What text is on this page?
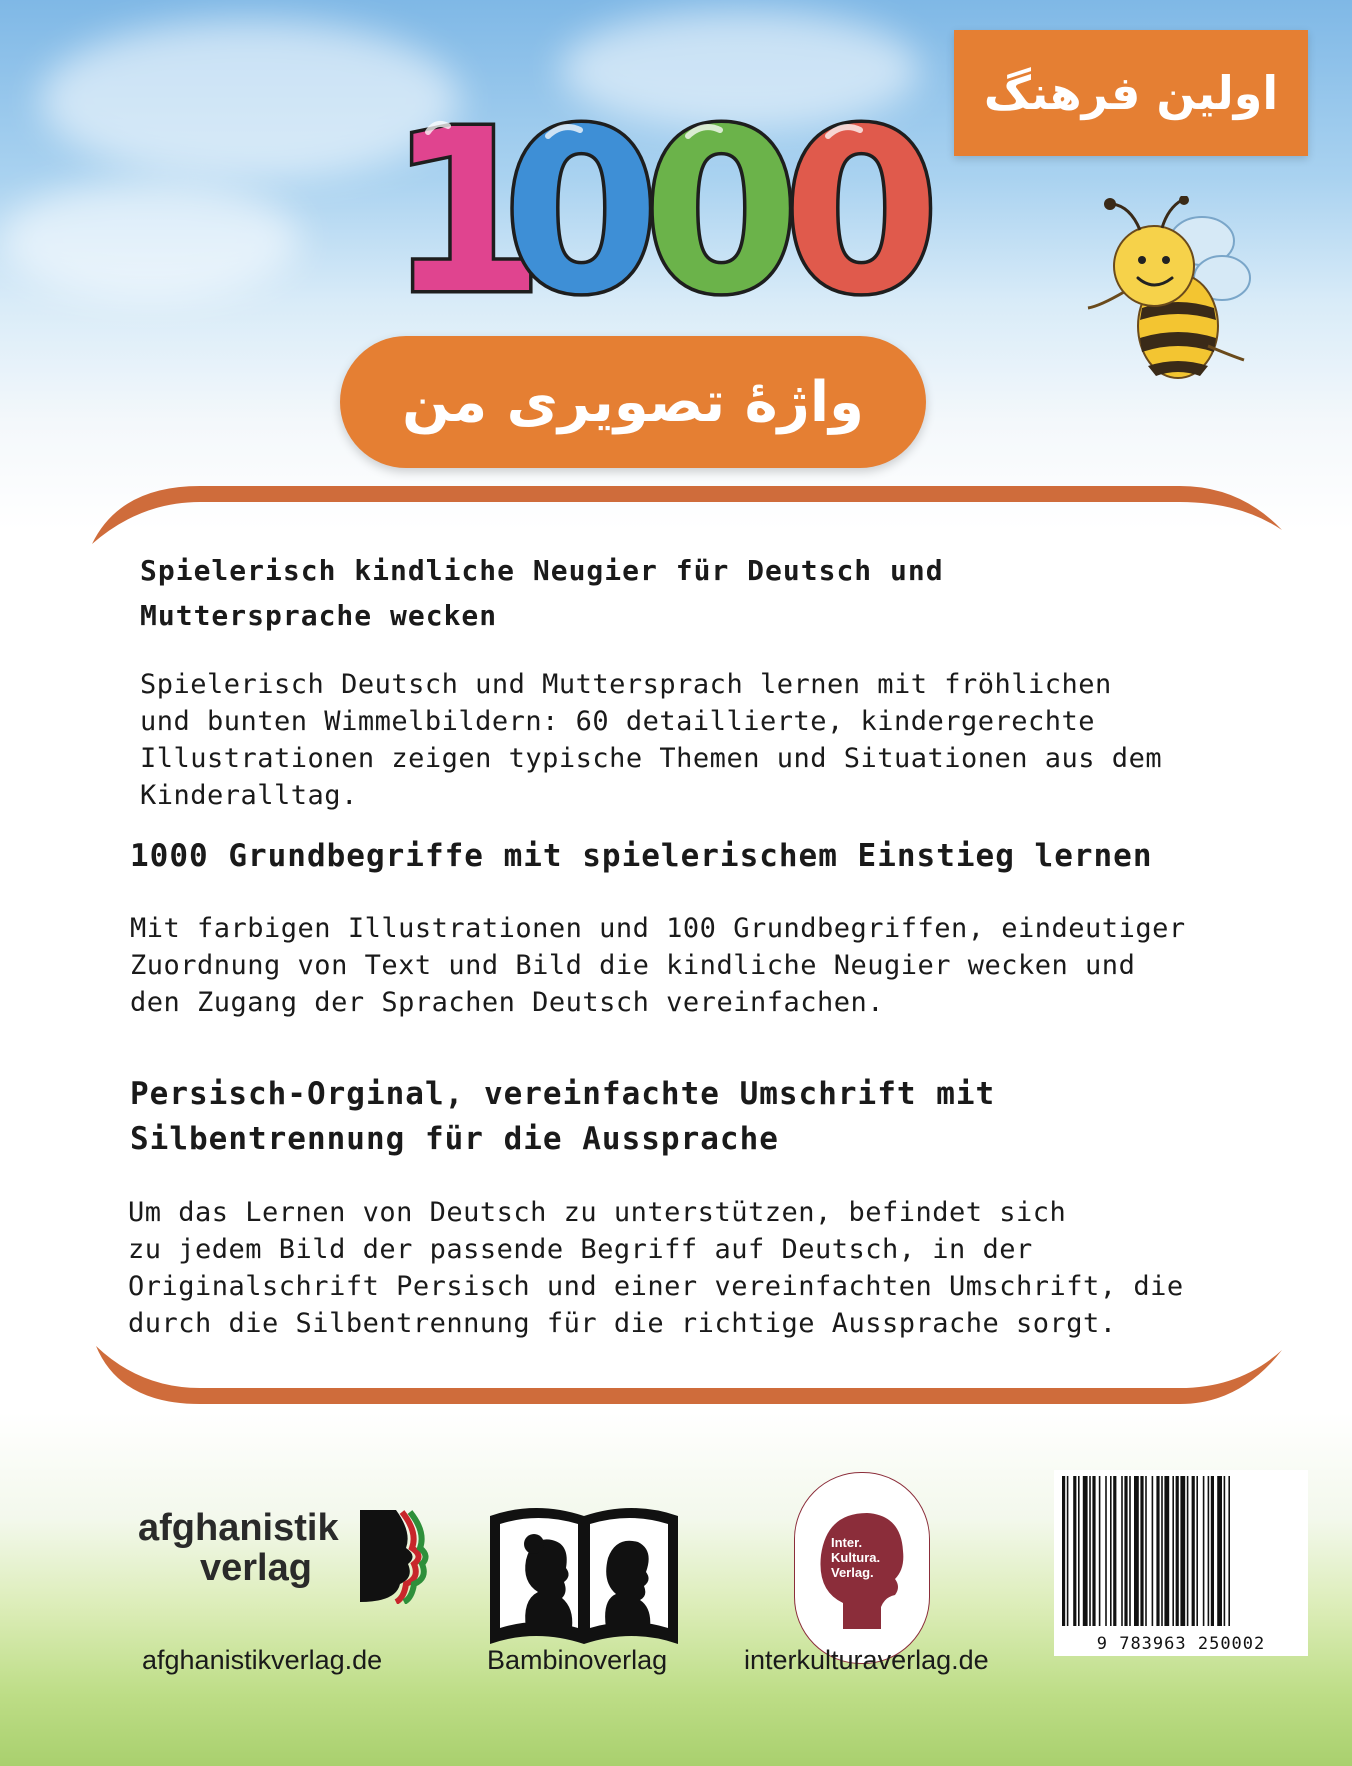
اولین فرهنگ
1
0
0
0
واژهٔ تصویری من
Spielerisch kindliche Neugier für Deutsch und
Muttersprache wecken
Spielerisch Deutsch und Muttersprach lernen mit fröhlichen
und bunten Wimmelbildern: 60 detaillierte, kindergerechte
Illustrationen zeigen typische Themen und Situationen aus dem
Kinderalltag.
1000 Grundbegriffe mit spielerischem Einstieg lernen
Mit farbigen Illustrationen und 100 Grundbegriffen, eindeutiger
Zuordnung von Text und Bild die kindliche Neugier wecken und
den Zugang der Sprachen Deutsch vereinfachen.
Persisch-Orginal, vereinfachte Umschrift mit
Silbentrennung für die Aussprache
Um das Lernen von Deutsch zu unterstützen, befindet sich
zu jedem Bild der passende Begriff auf Deutsch, in der
Originalschrift Persisch und einer vereinfachten Umschrift, die
durch die Silbentrennung für die richtige Aussprache sorgt.
afghanistik
verlag
Inter.
Kultura.
Verlag.
9 783963 250002
afghanistikverlag.de	Bambinoverlag	interkulturaverlag.de
